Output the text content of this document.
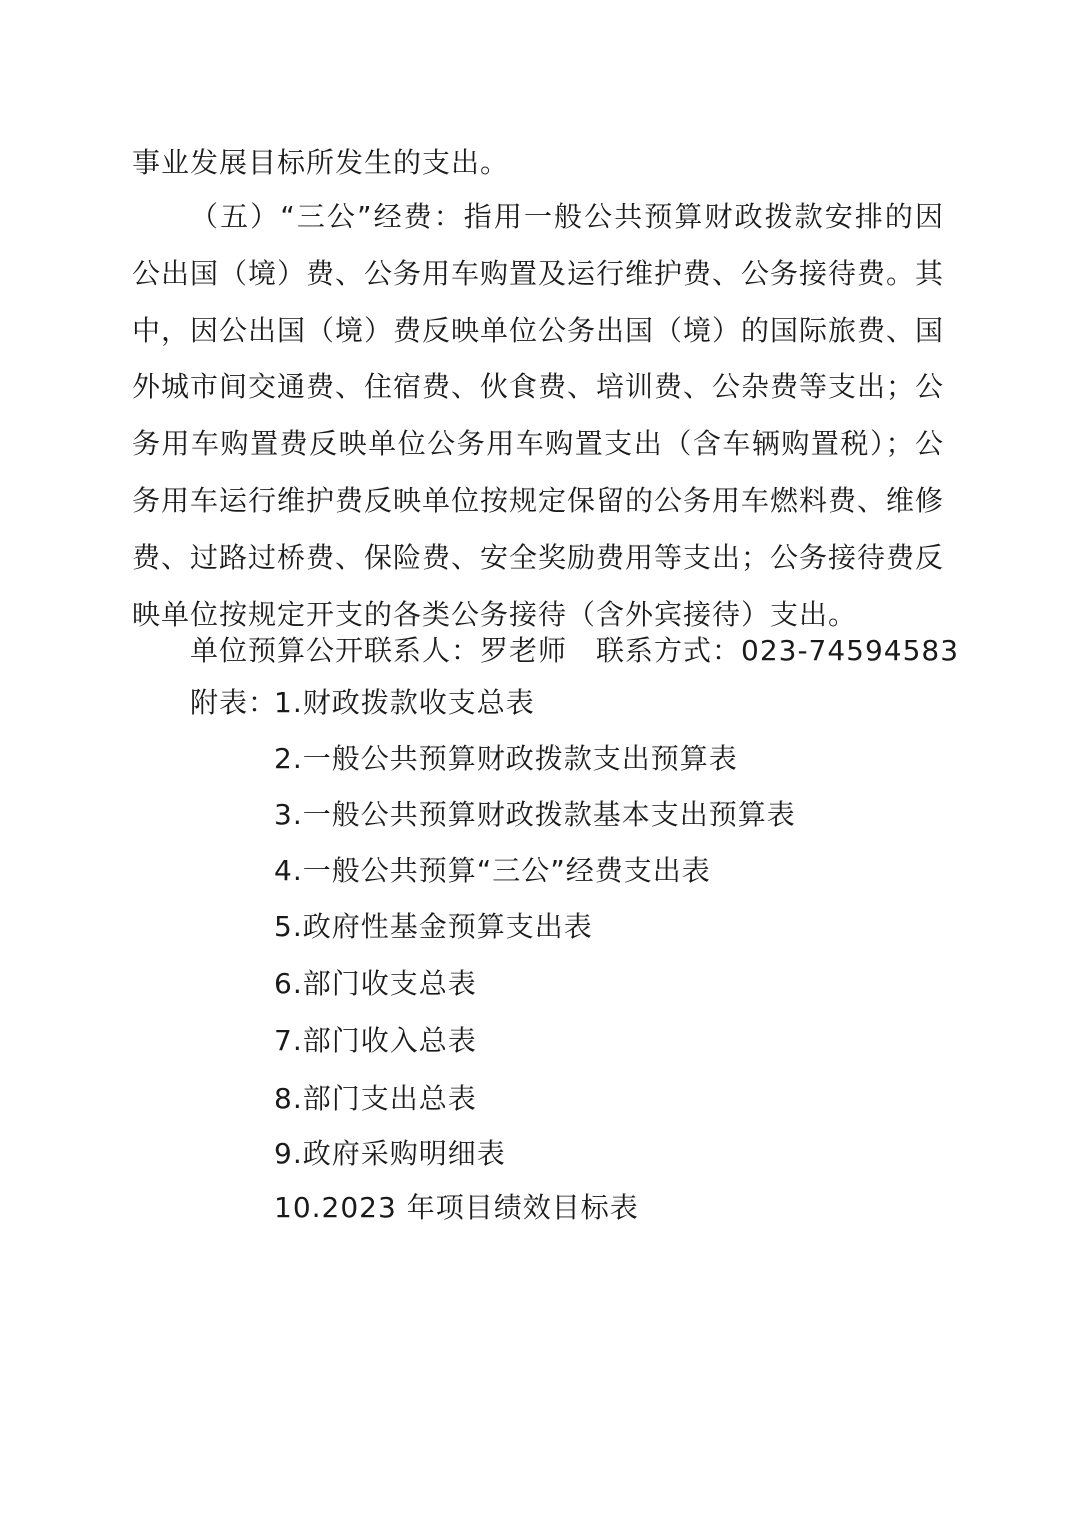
事业发展目标所发生的支出。

（五）“三公”经费：指用一般公共预算财政拨款安排的因公出国（境）费、公务用车购置及运行维护费、公务接待费。其中，因公出国（境）费反映单位公务出国（境）的国际旅费、国外城市间交通费、住宿费、伙食费、培训费、公杂费等支出；公务用车购置费反映单位公务用车购置支出（含车辆购置税）；公务用车运行维护费反映单位按规定保留的公务用车燃料费、维修费、过路过桥费、保险费、安全奖励费用等支出；公务接待费反映单位按规定开支的各类公务接待（含外宾接待）支出。

单位预算公开联系人：罗老师　联系方式：023-74594583
附表：
1.财政拨款收支总表
2.一般公共预算财政拨款支出预算表
3.一般公共预算财政拨款基本支出预算表
4.一般公共预算“三公”经费支出表
5.政府性基金预算支出表
6.部门收支总表
7.部门收入总表
8.部门支出总表
9.政府采购明细表
10.2023 年项目绩效目标表
